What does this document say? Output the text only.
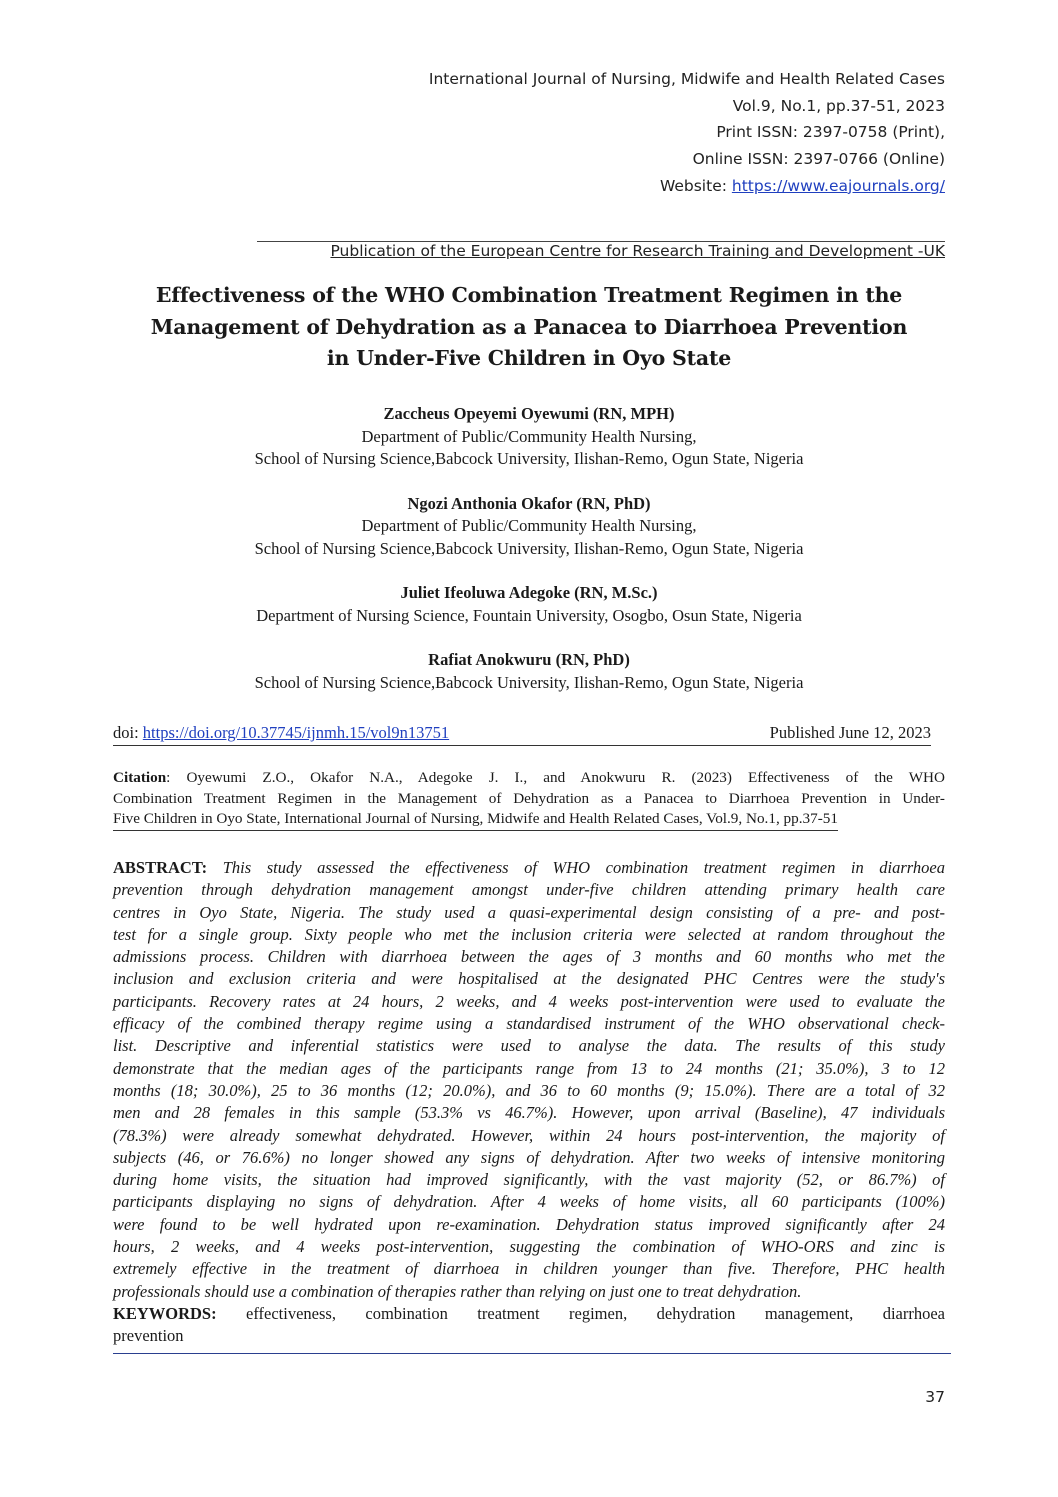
International Journal of Nursing, Midwife and Health Related Cases
Vol.9, No.1, pp.37-51, 2023
Print ISSN: 2397-0758 (Print),
Online ISSN: 2397-0766 (Online)
Website: https://www.eajournals.org/
Publication of the European Centre for Research Training and Development -UK
Effectiveness of the WHO Combination Treatment Regimen in the
Management of Dehydration as a Panacea to Diarrhoea Prevention
in Under-Five Children in Oyo State
Zaccheus Opeyemi Oyewumi (RN, MPH)
Department of Public/Community Health Nursing,
School of Nursing Science,Babcock University, Ilishan-Remo, Ogun State, Nigeria
Ngozi Anthonia Okafor (RN, PhD)
Department of Public/Community Health Nursing,
School of Nursing Science,Babcock University, Ilishan-Remo, Ogun State, Nigeria
Juliet Ifeoluwa Adegoke (RN, M.Sc.)
Department of Nursing Science, Fountain University, Osogbo, Osun State, Nigeria
Rafiat Anokwuru (RN, PhD)
School of Nursing Science,Babcock University, Ilishan-Remo, Ogun State, Nigeria
doi: https://doi.org/10.37745/ijnmh.15/vol9n13751	Published June 12, 2023
Citation: Oyewumi Z.O., Okafor N.A., Adegoke J. I., and Anokwuru R. (2023) Effectiveness of the WHO
Combination Treatment Regimen in the Management of Dehydration as a Panacea to Diarrhoea Prevention in Under-
Five Children in Oyo State, International Journal of Nursing, Midwife and Health Related Cases, Vol.9, No.1, pp.37-51
ABSTRACT: This study assessed the effectiveness of WHO combination treatment regimen in diarrhoea
prevention through dehydration management amongst under-five children attending primary health care
centres in Oyo State, Nigeria. The study used a quasi-experimental design consisting of a pre- and post-
test for a single group. Sixty people who met the inclusion criteria were selected at random throughout the
admissions process. Children with diarrhoea between the ages of 3 months and 60 months who met the
inclusion and exclusion criteria and were hospitalised at the designated PHC Centres were the study's
participants. Recovery rates at 24 hours, 2 weeks, and 4 weeks post-intervention were used to evaluate the
efficacy of the combined therapy regime using a standardised instrument of the WHO observational check-
list. Descriptive and inferential statistics were used to analyse the data. The results of this study
demonstrate that the median ages of the participants range from 13 to 24 months (21; 35.0%), 3 to 12
months (18; 30.0%), 25 to 36 months (12; 20.0%), and 36 to 60 months (9; 15.0%). There are a total of 32
men and 28 females in this sample (53.3% vs 46.7%). However, upon arrival (Baseline), 47 individuals
(78.3%) were already somewhat dehydrated. However, within 24 hours post-intervention, the majority of
subjects (46, or 76.6%) no longer showed any signs of dehydration. After two weeks of intensive monitoring
during home visits, the situation had improved significantly, with the vast majority (52, or 86.7%) of
participants displaying no signs of dehydration. After 4 weeks of home visits, all 60 participants (100%)
were found to be well hydrated upon re-examination. Dehydration status improved significantly after 24
hours, 2 weeks, and 4 weeks post-intervention, suggesting the combination of WHO-ORS and zinc is
extremely effective in the treatment of diarrhoea in children younger than five. Therefore, PHC health
professionals should use a combination of therapies rather than relying on just one to treat dehydration.
KEYWORDS: effectiveness, combination treatment regimen, dehydration management, diarrhoea
prevention
37
